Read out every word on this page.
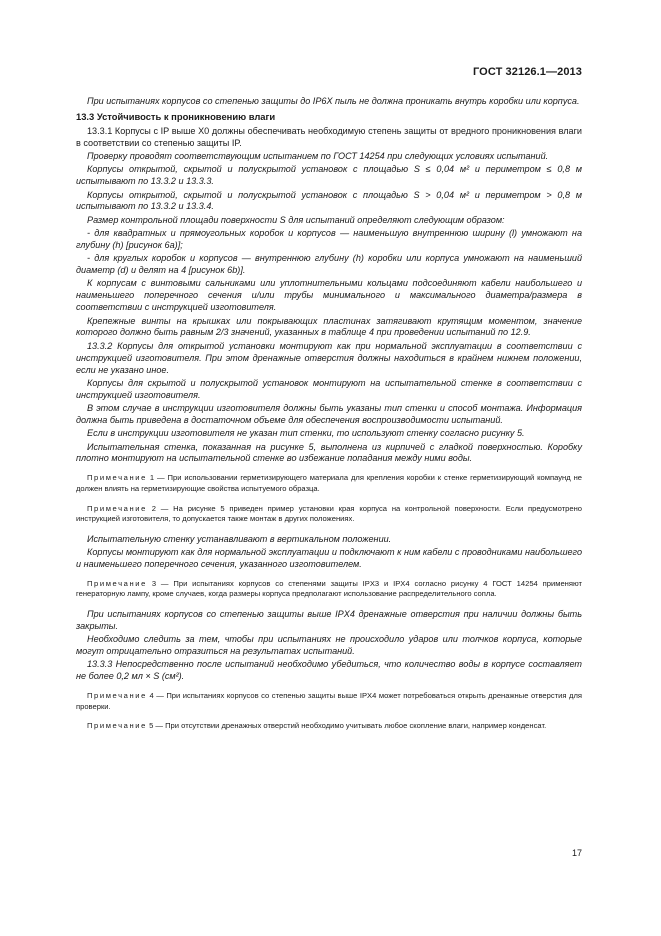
ГОСТ 32126.1—2013
При испытаниях корпусов со степенью защиты до IP6X пыль не должна проникать внутрь коробки или корпуса.
13.3 Устойчивость к проникновению влаги
13.3.1 Корпусы с IP выше X0 должны обеспечивать необходимую степень защиты от вредного проникновения влаги в соответствии со степенью защиты IP.
Проверку проводят соответствующим испытанием по ГОСТ 14254 при следующих условиях испытаний.
Корпусы открытой, скрытой и полускрытой установок с площадью S ≤ 0,04 м² и периметром ≤ 0,8 м испытывают по 13.3.2 и 13.3.3.
Корпусы открытой, скрытой и полускрытой установок с площадью S > 0,04 м² и периметром > 0,8 м испытывают по 13.3.2 и 13.3.4.
Размер контрольной площади поверхности S для испытаний определяют следующим образом:
- для квадратных и прямоугольных коробок и корпусов — наименьшую внутреннюю ширину (l) умножают на глубину (h) [рисунок 6a)];
- для круглых коробок и корпусов — внутреннюю глубину (h) коробки или корпуса умножают на наименьший диаметр (d) и делят на 4 [рисунок 6b)].
К корпусам с винтовыми сальниками или уплотнительными кольцами подсоединяют кабели наибольшего и наименьшего поперечного сечения и/или трубы минимального и максимального диаметра/размера в соответствии с инструкцией изготовителя.
Крепежные винты на крышках или покрывающих пластинах затягивают крутящим моментом, значение которого должно быть равным 2/3 значений, указанных в таблице 4 при проведении испытаний по 12.9.
13.3.2 Корпусы для открытой установки монтируют как при нормальной эксплуатации в соответствии с инструкцией изготовителя. При этом дренажные отверстия должны находиться в крайнем нижнем положении, если не указано иное.
Корпусы для скрытой и полускрытой установок монтируют на испытательной стенке в соответствии с инструкцией изготовителя.
В этом случае в инструкции изготовителя должны быть указаны тип стенки и способ монтажа. Информация должна быть приведена в достаточном объеме для обеспечения воспроизводимости испытаний.
Если в инструкции изготовителя не указан тип стенки, то используют стенку согласно рисунку 5.
Испытательная стенка, показанная на рисунке 5, выполнена из кирпичей с гладкой поверхностью. Коробку плотно монтируют на испытательной стенке во избежание попадания между ними воды.
Примечание 1 — При использовании герметизирующего материала для крепления коробки к стенке герметизирующий компаунд не должен влиять на герметизирующие свойства испытуемого образца.
Примечание 2 — На рисунке 5 приведен пример установки края корпуса на контрольной поверхности. Если предусмотрено инструкцией изготовителя, то допускается также монтаж в других положениях.
Испытательную стенку устанавливают в вертикальном положении.
Корпусы монтируют как для нормальной эксплуатации и подключают к ним кабели с проводниками наибольшего и наименьшего поперечного сечения, указанного изготовителем.
Примечание 3 — При испытаниях корпусов со степенями защиты IPX3 и IPX4 согласно рисунку 4 ГОСТ 14254 применяют генераторную лампу, кроме случаев, когда размеры корпуса предполагают использование распределительного сопла.
При испытаниях корпусов со степенью защиты выше IPX4 дренажные отверстия при наличии должны быть закрыты.
Необходимо следить за тем, чтобы при испытаниях не происходило ударов или толчков корпуса, которые могут отрицательно отразиться на результатах испытаний.
13.3.3 Непосредственно после испытаний необходимо убедиться, что количество воды в корпусе составляет не более 0,2 мл × S (см²).
Примечание 4 — При испытаниях корпусов со степенью защиты выше IPX4 может потребоваться открыть дренажные отверстия для проверки.
Примечание 5 — При отсутствии дренажных отверстий необходимо учитывать любое скопление влаги, например конденсат.
17
